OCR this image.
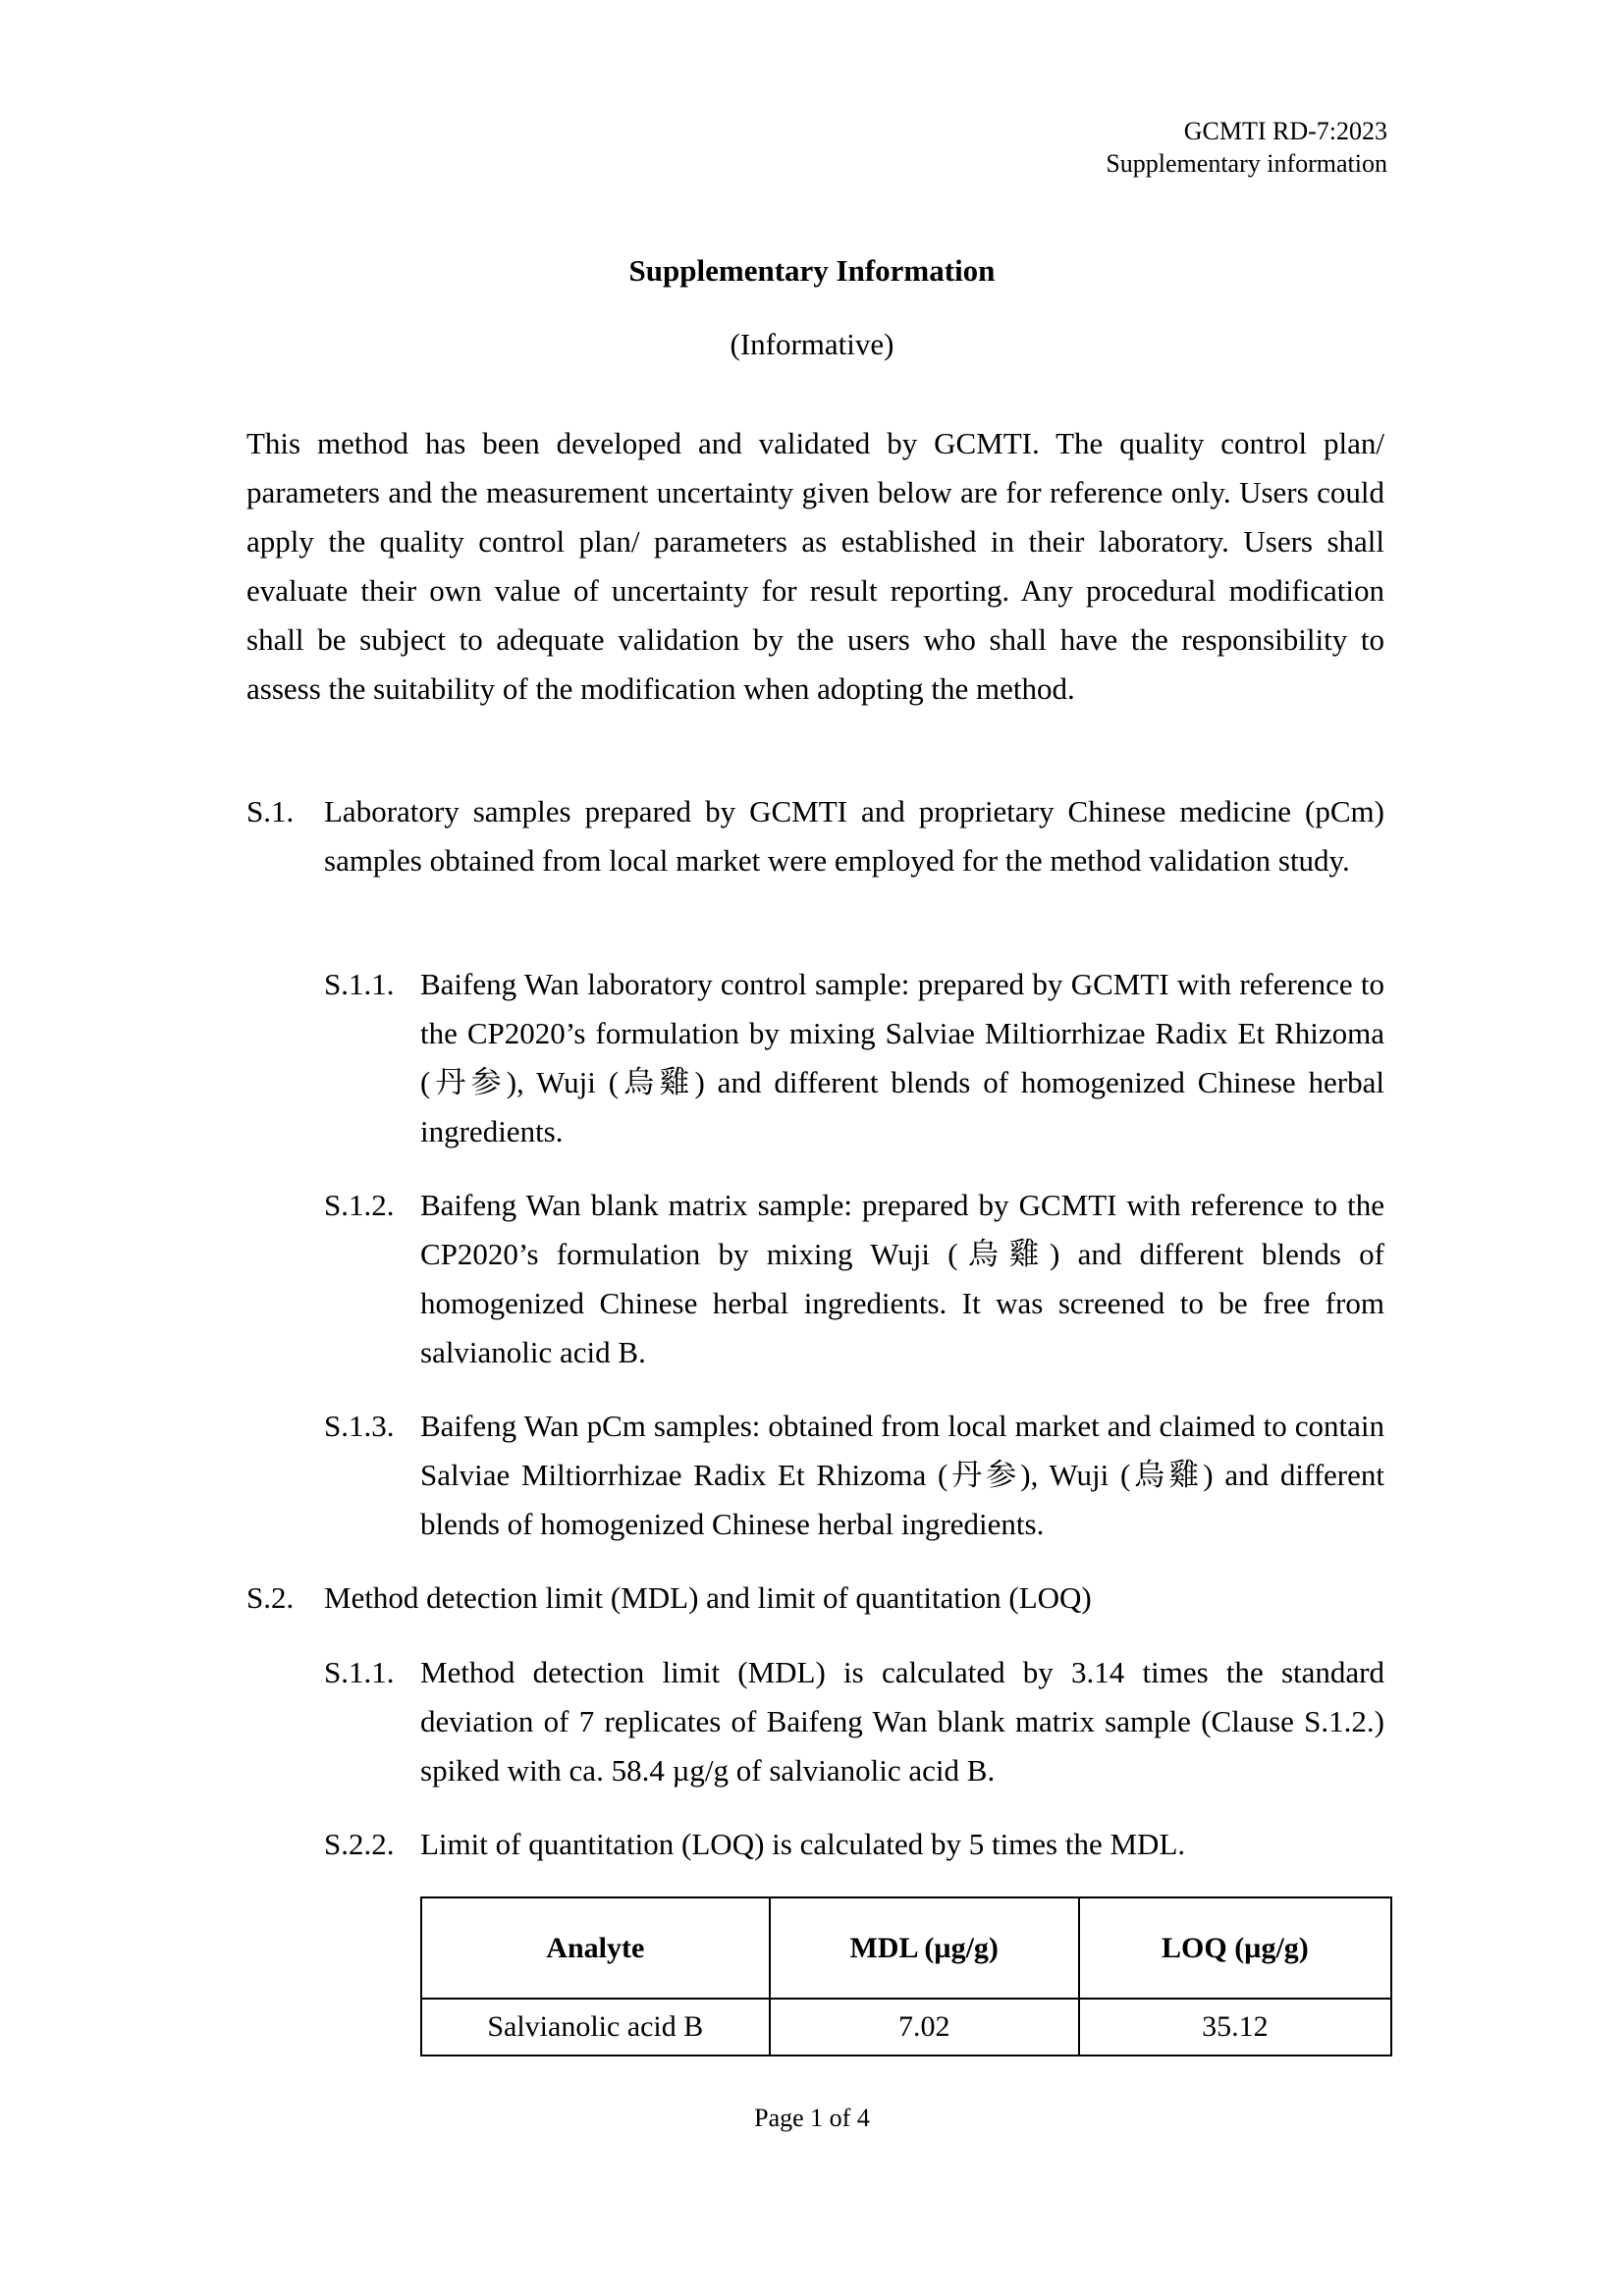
GCMTI RD-7:2023
Supplementary information
Supplementary Information
(Informative)
This method has been developed and validated by GCMTI. The quality control plan/ parameters and the measurement uncertainty given below are for reference only. Users could apply the quality control plan/ parameters as established in their laboratory. Users shall evaluate their own value of uncertainty for result reporting. Any procedural modification shall be subject to adequate validation by the users who shall have the responsibility to assess the suitability of the modification when adopting the method.
S.1. Laboratory samples prepared by GCMTI and proprietary Chinese medicine (pCm) samples obtained from local market were employed for the method validation study.
S.1.1. Baifeng Wan laboratory control sample: prepared by GCMTI with reference to the CP2020’s formulation by mixing Salviae Miltiorrhizae Radix Et Rhizoma (丹参), Wuji (烏雞) and different blends of homogenized Chinese herbal ingredients.
S.1.2. Baifeng Wan blank matrix sample: prepared by GCMTI with reference to the CP2020’s formulation by mixing Wuji (烏雞) and different blends of homogenized Chinese herbal ingredients. It was screened to be free from salvianolic acid B.
S.1.3. Baifeng Wan pCm samples: obtained from local market and claimed to contain Salviae Miltiorrhizae Radix Et Rhizoma (丹参), Wuji (烏雞) and different blends of homogenized Chinese herbal ingredients.
S.2. Method detection limit (MDL) and limit of quantitation (LOQ)
S.1.1. Method detection limit (MDL) is calculated by 3.14 times the standard deviation of 7 replicates of Baifeng Wan blank matrix sample (Clause S.1.2.) spiked with ca. 58.4 µg/g of salvianolic acid B.
S.2.2. Limit of quantitation (LOQ) is calculated by 5 times the MDL.
Analyte	MDL (µg/g)	LOQ (µg/g)
Salvianolic acid B	7.02	35.12
Page 1 of 4
